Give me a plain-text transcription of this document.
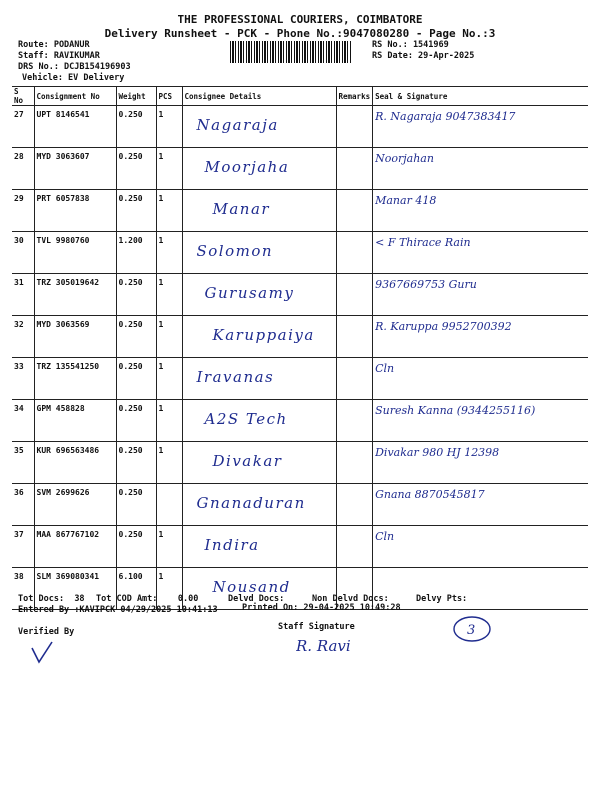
THE PROFESSIONAL COURIERS, COIMBATORE
Delivery Runsheet - PCK - Phone No.:9047080280 - Page No.:3
Route: PODANUR
Staff: RAVIKUMAR
DRS No.: DCJB154196903
Vehicle: EV Delivery
RS No.: 1541969
RS Date: 29-Apr-2025
S No	Consignment No	Weight	PCS	Consignee Details	Remarks	Seal & Signature
27	UPT 8146541	0.250	1	Nagaraja		R. Nagaraja 9047383417

28	MYD 3063607	0.250	1	Moorjaha		Noorjahan

29	PRT 6057838	0.250	1	Manar		Manar 418

30	TVL 9980760	1.200	1	Solomon		< F Thirace Rain

31	TRZ 305019642	0.250	1	Gurusamy		9367669753 Guru

32	MYD 3063569	0.250	1	Karuppaiya		R. Karuppa 9952700392

33	TRZ 135541250	0.250	1	Iravanas		Cln

34	GPM 458828	0.250	1	A2S Tech		Suresh Kanna (9344255116)

35	KUR 696563486	0.250	1	Divakar		Divakar 980 HJ 12398

36	SVM 2699626	0.250		Gnanaduran		Gnana 8870545817

37	MAA 867767102	0.250	1	Indira		Cln

38	SLM 369080341	6.100	1	Nousand		

Tot Docs: 38 Tot COD Amt: 0.00	Delvd Docs:	Non Delvd Docs:	Delvy Pts:
Entered By :KAVIPCK 04/29/2025 10:41:13	Printed On: 29-04-2025 10:49:28
Verified By	Staff Signature
R. Ravi
3
